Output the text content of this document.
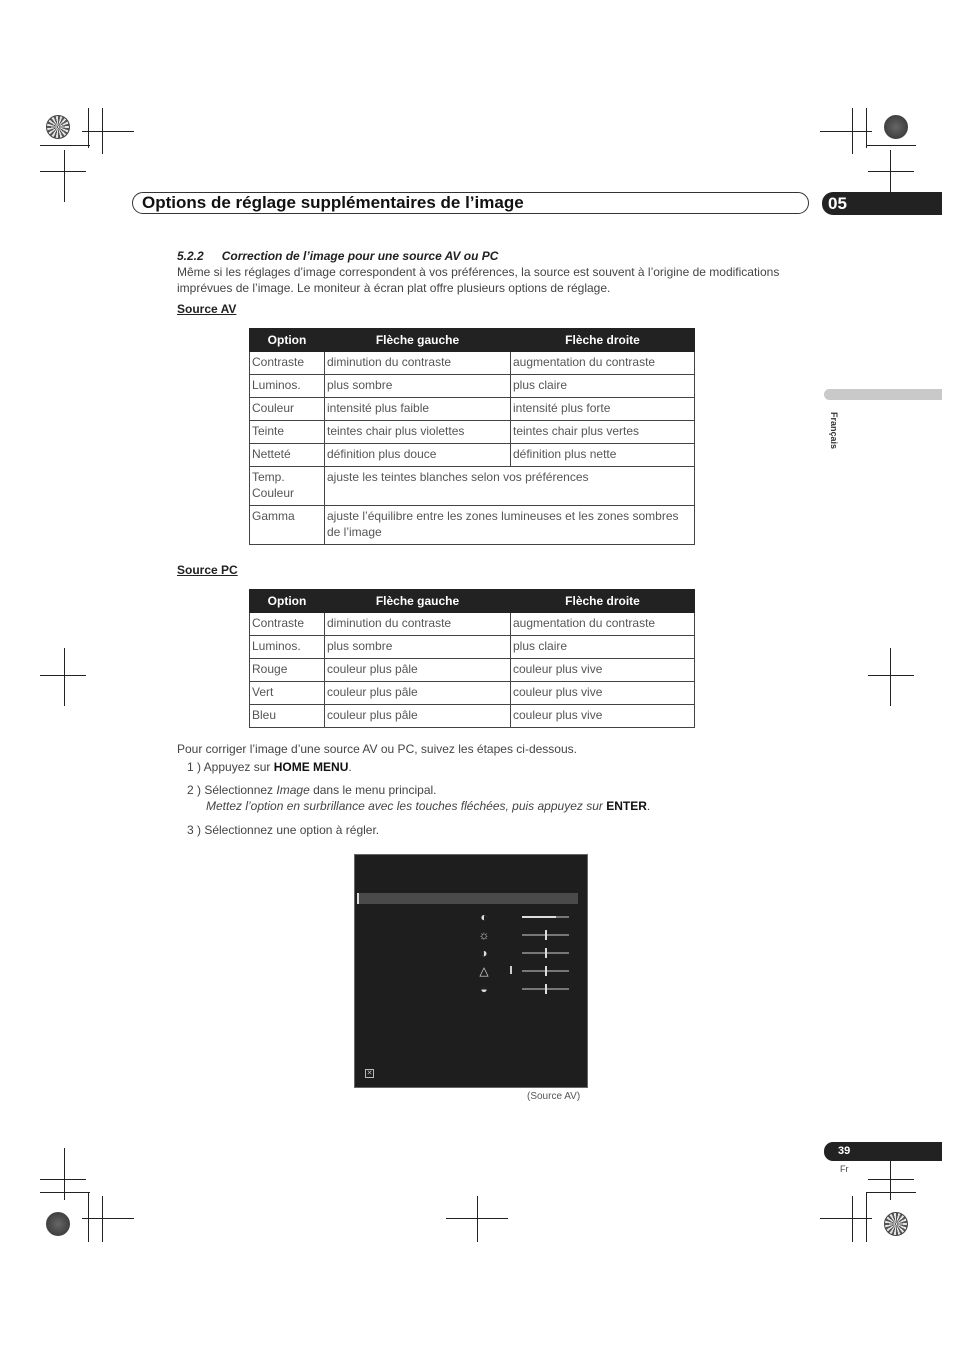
Options de réglage supplémentaires de l’image	05
Français
5.2.2 Correction de l’image pour une source AV ou PC
Même si les réglages d’image correspondent à vos préférences, la source est souvent à l’origine de modifications imprévues de l’image. Le moniteur à écran plat offre plusieurs options de réglage.
Source AV
Option	Flèche gauche	Flèche droite
Contraste	diminution du contraste	augmentation du contraste
Luminos.	plus sombre	plus claire
Couleur	intensité plus faible	intensité plus forte
Teinte	teintes chair plus violettes	teintes chair plus vertes
Netteté	définition plus douce	définition plus nette
Temp. Couleur	ajuste les teintes blanches selon vos préférences	
Gamma	ajuste l’équilibre entre les zones lumineuses et les zones sombres de l’image	
Source PC
Option	Flèche gauche	Flèche droite
Contraste	diminution du contraste	augmentation du contraste
Luminos.	plus sombre	plus claire
Rouge	couleur plus pâle	couleur plus vive
Vert	couleur plus pâle	couleur plus vive
Bleu	couleur plus pâle	couleur plus vive
Pour corriger l’image d’une source AV ou PC, suivez les étapes ci-dessous.
1 ) Appuyez sur HOME MENU.
2 ) Sélectionnez Image dans le menu principal.
Mettez l’option en surbrillance avec les touches fléchées, puis appuyez sur ENTER.
3 ) Sélectionnez une option à régler.
◐
☼
◑
△
◒
✕
(Source AV)
39
Fr
